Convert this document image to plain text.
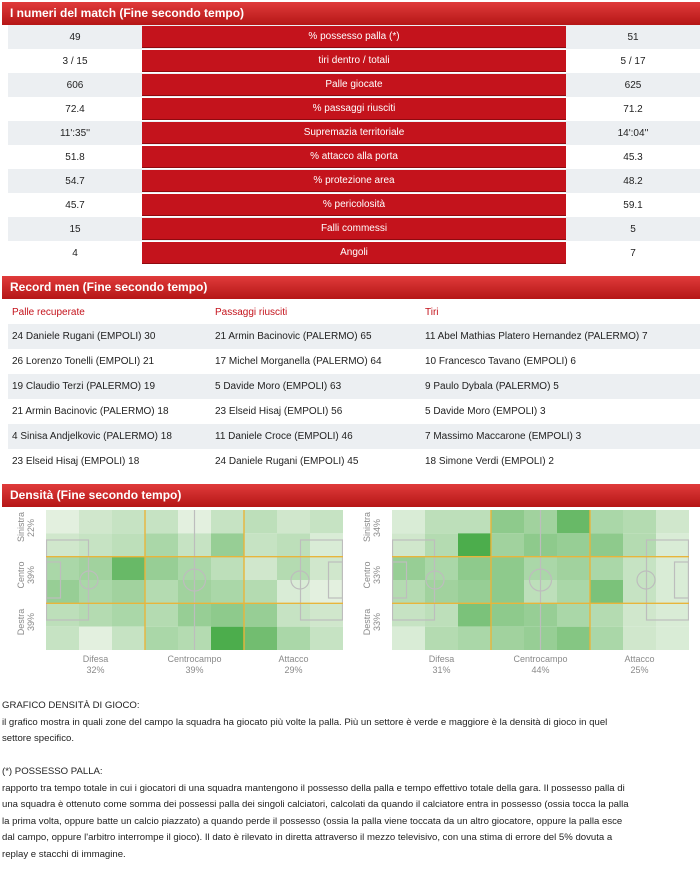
I numeri del match (Fine secondo tempo)
49	% possesso palla (*)	51
3 / 15	tiri dentro / totali	5 / 17
606	Palle giocate	625
72.4	% passaggi riusciti	71.2
11':35''	Supremazia territoriale	14':04''
51.8	% attacco alla porta	45.3
54.7	% protezione area	48.2
45.7	% pericolosità	59.1
15	Falli commessi	5
4	Angoli	7
Record men (Fine secondo tempo)
Palle recuperate	Passaggi riusciti	Tiri
24 Daniele Rugani (EMPOLI) 30	21 Armin Bacinovic (PALERMO) 65	11 Abel Mathias Platero Hernandez (PALERMO) 7
26 Lorenzo Tonelli (EMPOLI) 21	17 Michel Morganella (PALERMO) 64	10 Francesco Tavano (EMPOLI) 6
19 Claudio Terzi (PALERMO) 19	5 Davide Moro (EMPOLI) 63	9 Paulo Dybala (PALERMO) 5
21 Armin Bacinovic (PALERMO) 18	23 Elseid Hisaj (EMPOLI) 56	5 Davide Moro (EMPOLI) 3
4 Sinisa Andjelkovic (PALERMO) 18	11 Daniele Croce (EMPOLI) 46	7 Massimo Maccarone (EMPOLI) 3
23 Elseid Hisaj (EMPOLI) 18	24 Daniele Rugani (EMPOLI) 45	18 Simone Verdi (EMPOLI) 2
Densità (Fine secondo tempo)
Sinistra 22%
Centro 39%
Destra 39%
Difesa
32%
Centrocampo
39%
Attacco
29%
Sinistra 34%
Centro 33%
Destra 33%
Difesa
31%
Centrocampo
44%
Attacco
25%

GRAFICO DENSITÀ DI GIOCO:

il grafico mostra in quali zone del campo la squadra ha giocato più volte la palla. Più un settore è verde e maggiore è la densità di gioco in quel

settore specifico.

(*) POSSESSO PALLA:

rapporto tra tempo totale in cui i giocatori di una squadra mantengono il possesso della palla e tempo effettivo totale della gara. Il possesso palla di

una squadra è ottenuto come somma dei possessi palla dei singoli calciatori, calcolati da quando il calciatore entra in possesso (ossia tocca la palla

la prima volta, oppure batte un calcio piazzato) a quando perde il possesso (ossia la palla viene toccata da un altro giocatore, oppure la palla esce

dal campo, oppure l'arbitro interrompe il gioco). Il dato è rilevato in diretta attraverso il mezzo televisivo, con una stima di errore del 5% dovuta a

replay e stacchi di immagine.
